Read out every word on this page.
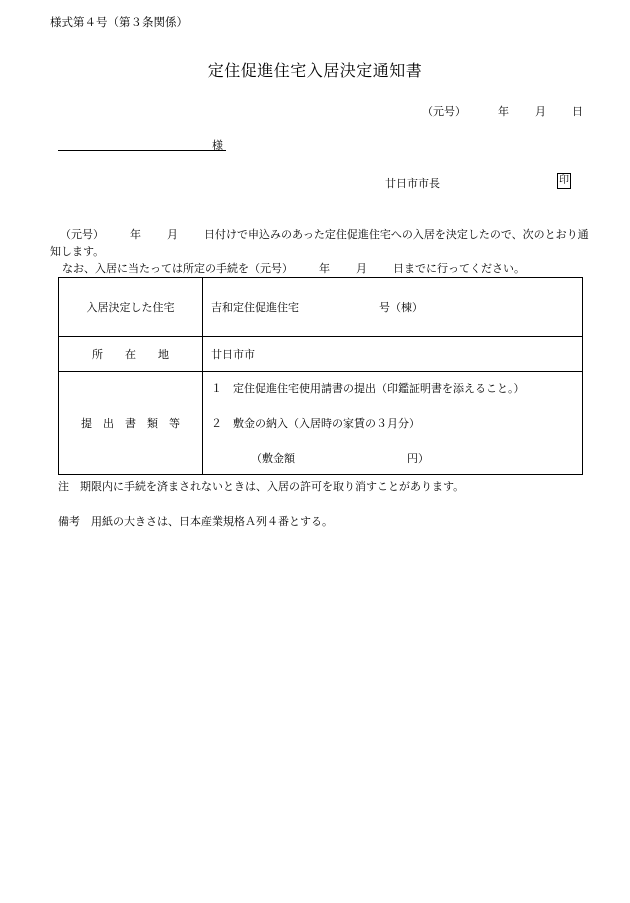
様式第４号（第３条関係）
定住促進住宅入居決定通知書
（元号）	年 月 日
様
廿日市市長	印
（元号） 年 月 日付けで申込みのあった定住促進住宅への入居を決定したので、次のとおり通知します。
なお、入居に当たっては所定の手続を（元号） 年 月 日までに行ってください。
入居決定した住宅	吉和定住促進住宅 号（棟）
所　　在　　地	廿日市市
提　出　書　類　等	１　定住促進住宅使用請書の提出（印鑑証明書を添えること。）
２　敷金の納入（入居時の家賃の３月分）
（敷金額 円）
注　期限内に手続を済まされないときは、入居の許可を取り消すことがあります。
備考　用紙の大きさは、日本産業規格Ａ列４番とする。
